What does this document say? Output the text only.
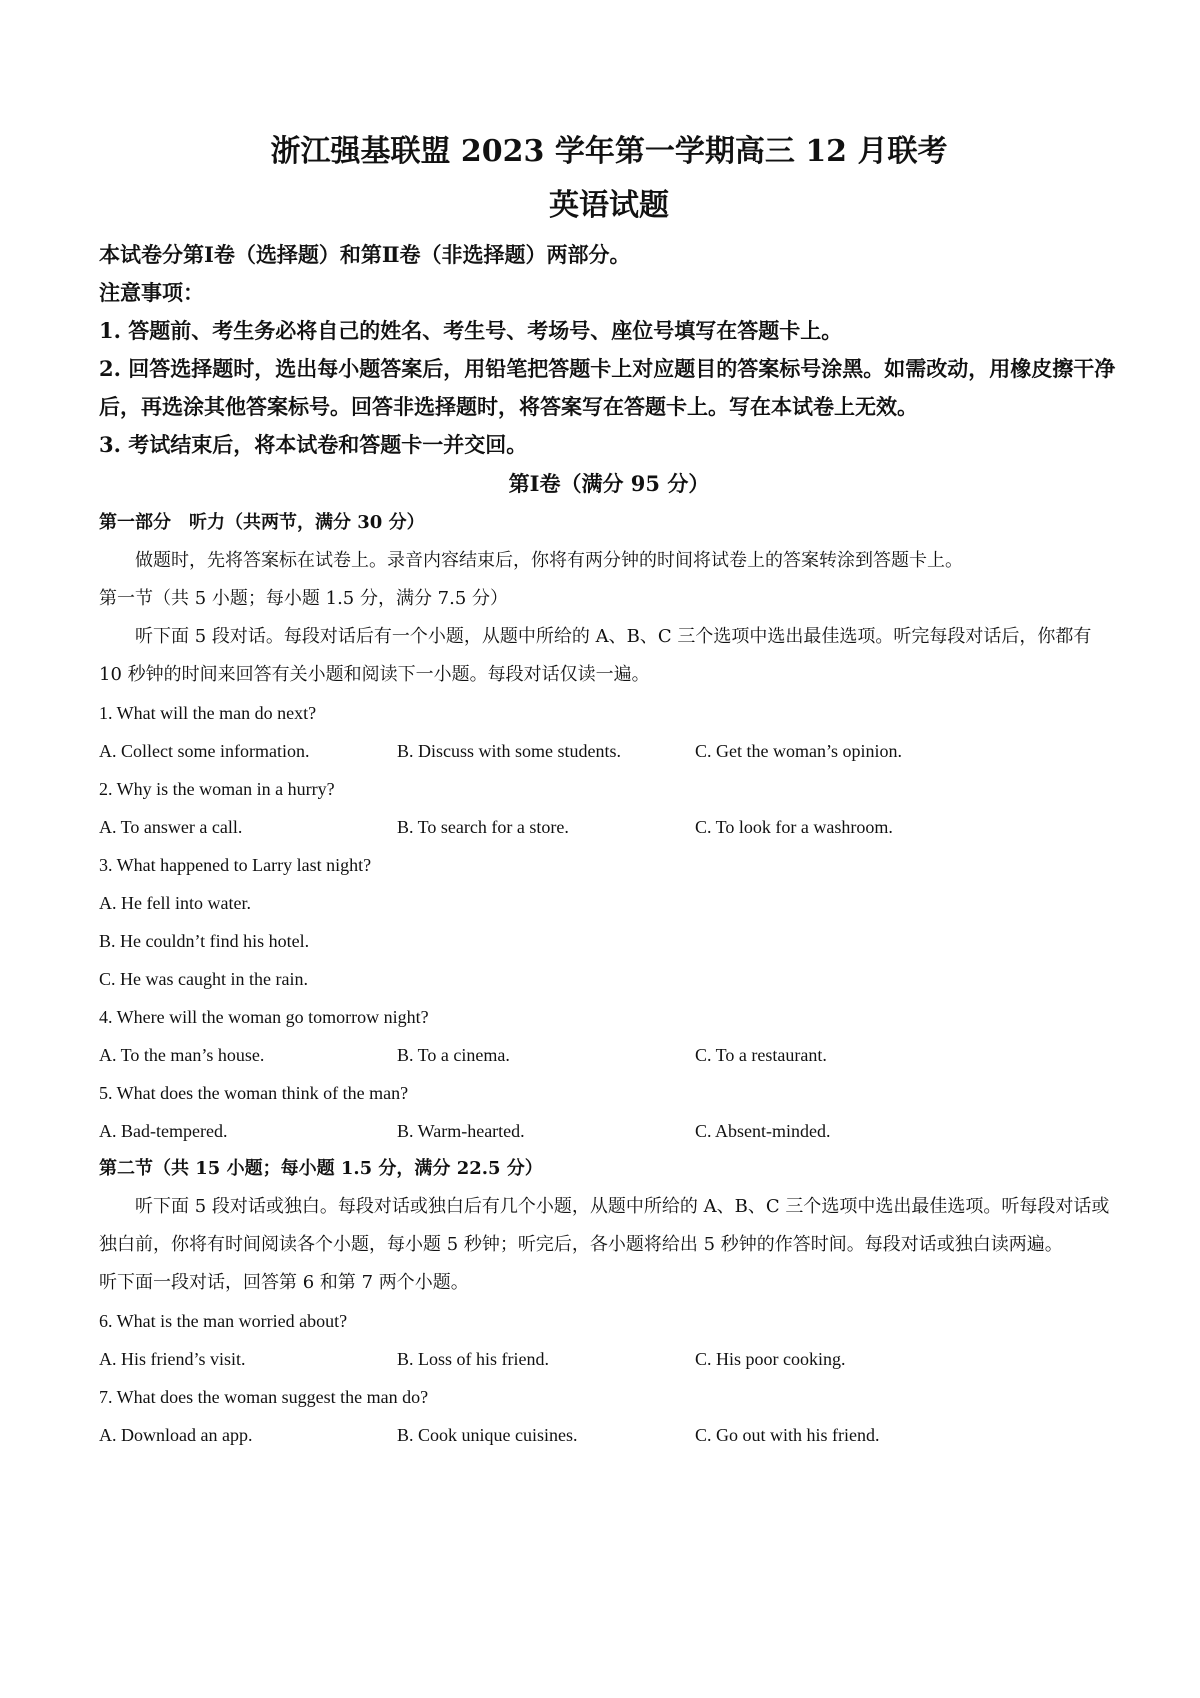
浙江强基联盟 2023 学年第一学期高三 12 月联考
英语试题

本试卷分第Ⅰ卷（选择题）和第Ⅱ卷（非选择题）两部分。

注意事项：

1. 答题前、考生务必将自己的姓名、考生号、考场号、座位号填写在答题卡上。

2. 回答选择题时，选出每小题答案后，用铅笔把答题卡上对应题目的答案标号涂黑。如需改动，用橡皮擦干净后，再选涂其他答案标号。回答非选择题时，将答案写在答题卡上。写在本试卷上无效。

3. 考试结束后，将本试卷和答题卡一并交回。

第Ⅰ卷（满分 95 分）

第一部分　听力（共两节，满分 30 分）

做题时，先将答案标在试卷上。录音内容结束后，你将有两分钟的时间将试卷上的答案转涂到答题卡上。

第一节（共 5 小题；每小题 1.5 分，满分 7.5 分）

听下面 5 段对话。每段对话后有一个小题，从题中所给的 A、B、C 三个选项中选出最佳选项。听完每段对话后，你都有 10 秒钟的时间来回答有关小题和阅读下一小题。每段对话仅读一遍。

1. What will the man do next?

A. Collect some information.	B. Discuss with some students.	C. Get the woman’s opinion.

2. Why is the woman in a hurry?

A. To answer a call.	B. To search for a store.	C. To look for a washroom.

3. What happened to Larry last night?

A. He fell into water.

B. He couldn’t find his hotel.

C. He was caught in the rain.

4. Where will the woman go tomorrow night?

A. To the man’s house.	B. To a cinema.	C. To a restaurant.

5. What does the woman think of the man?

A. Bad-tempered.	B. Warm-hearted.	C. Absent-minded.

第二节（共 15 小题；每小题 1.5 分，满分 22.5 分）

听下面 5 段对话或独白。每段对话或独白后有几个小题，从题中所给的 A、B、C 三个选项中选出最佳选项。听每段对话或独白前，你将有时间阅读各个小题，每小题 5 秒钟；听完后，各小题将给出 5 秒钟的作答时间。每段对话或独白读两遍。

听下面一段对话，回答第 6 和第 7 两个小题。

6. What is the man worried about?

A. His friend’s visit.	B. Loss of his friend.	C. His poor cooking.

7. What does the woman suggest the man do?

A. Download an app.	B. Cook unique cuisines.	C. Go out with his friend.
